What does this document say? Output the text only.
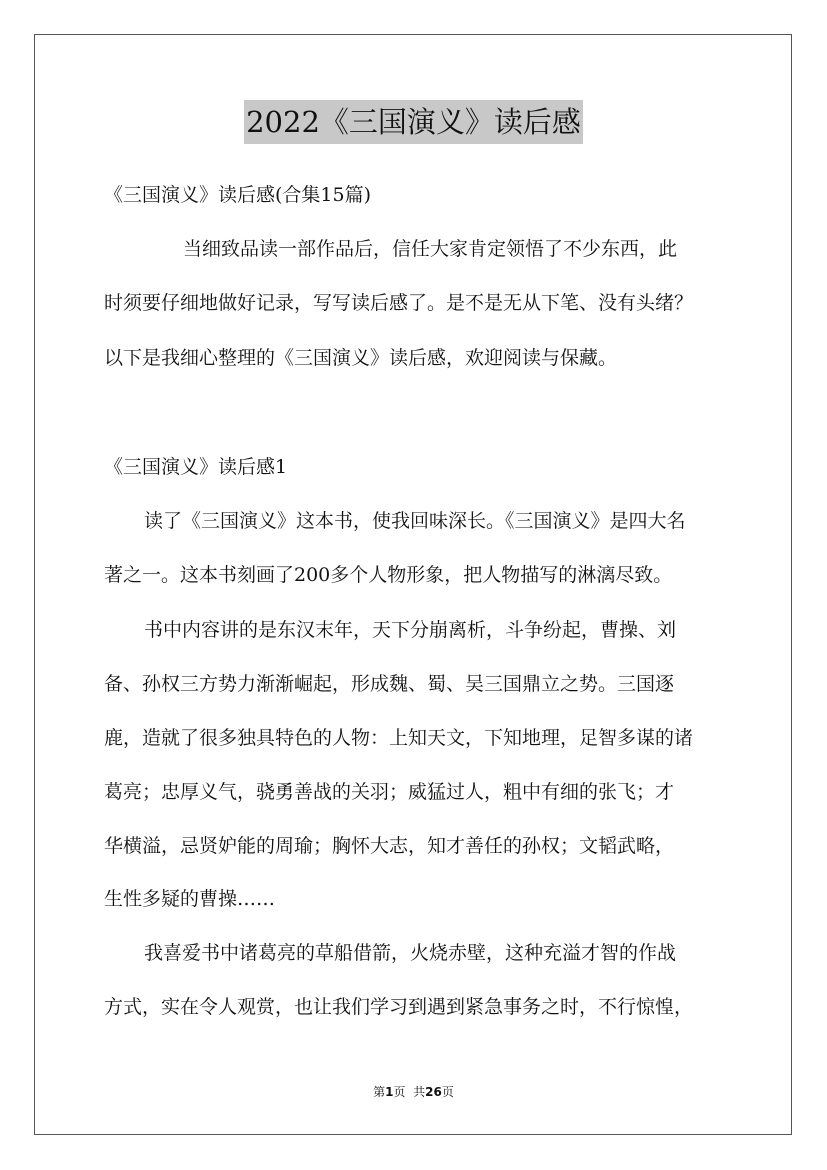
2022《三国演义》读后感
《三国演义》读后感(合集15篇)
当细致品读一部作品后，信任大家肯定领悟了不少东西，此
时须要仔细地做好记录，写写读后感了。是不是无从下笔、没有头绪？
以下是我细心整理的《三国演义》读后感，欢迎阅读与保藏。
《三国演义》读后感1
读了《三国演义》这本书，使我回味深长。《三国演义》是四大名
著之一。这本书刻画了200多个人物形象，把人物描写的淋漓尽致。
书中内容讲的是东汉末年，天下分崩离析，斗争纷起，曹操、刘
备、孙权三方势力渐渐崛起，形成魏、蜀、吴三国鼎立之势。三国逐
鹿，造就了很多独具特色的人物：上知天文，下知地理，足智多谋的诸
葛亮；忠厚义气，骁勇善战的关羽；威猛过人，粗中有细的张飞；才
华横溢，忌贤妒能的周瑜；胸怀大志，知才善任的孙权；文韬武略，
生性多疑的曹操……
我喜爱书中诸葛亮的草船借箭，火烧赤壁，这种充溢才智的作战
方式，实在令人观赏，也让我们学习到遇到紧急事务之时，不行惊惶，
第1页  共26页
